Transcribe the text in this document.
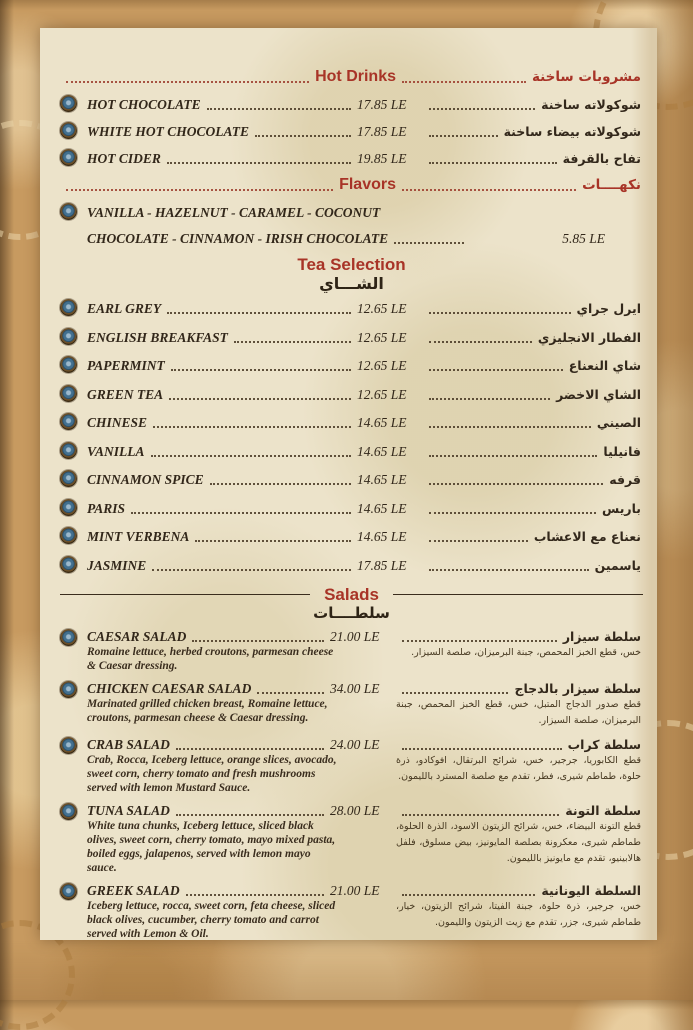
Hot Drinks	مشروبات ساخنة
HOT CHOCOLATE	17.85 LE	شوكولاته ساخنة
WHITE HOT CHOCOLATE	17.85 LE	شوكولاته بيضاء ساخنة
HOT CIDER	19.85 LE	تفاح بالقرفة
Flavors	نكهــــات
VANILLA - HAZELNUT - CARAMEL - COCONUT
CHOCOLATE - CINNAMON - IRISH CHOCOLATE	5.85 LE
Tea Selection
الشـــاي
EARL GREY	12.65 LE	ايرل جراي
ENGLISH BREAKFAST	12.65 LE	الفطار الانجليزي
PAPERMINT	12.65 LE	شاي النعناع
GREEN TEA	12.65 LE	الشاي الاخضر
CHINESE	14.65 LE	الصيني
VANILLA	14.65 LE	فانيليا
CINNAMON SPICE	14.65 LE	قرفه
PARIS	14.65 LE	باريس
MINT VERBENA	14.65 LE	نعناع مع الاعشاب
JASMINE	17.85 LE	ياسمين
Salads
سلطــــات
CAESAR SALAD	21.00 LE
Romaine lettuce, herbed croutons, parmesan cheese & Caesar dressing.
سلطة سيزار
خس، قطع الخبز المحمص، جبنة البرميزان، صلصة السيزار.
CHICKEN CAESAR SALAD	34.00 LE
Marinated grilled chicken breast, Romaine lettuce, croutons, parmesan cheese & Caesar dressing.
سلطة سيزار بالدجاج
قطع صدور الدجاج المتبل، خس، قطع الخبز المحمص، جبنة البرميزان، صلصة السيزار.
CRAB SALAD	24.00 LE
Crab, Rocca, Iceberg lettuce, orange slices, avocado, sweet corn, cherry tomato and fresh mushrooms served with lemon Mustard Sauce.
سلطة كراب
قطع الكابوريا، جرجير، خس، شرائح البرتقال، افوكادو، ذرة حلوة، طماطم شيرى، فطر، تقدم مع صلصة المسترد بالليمون.
TUNA SALAD	28.00 LE
White tuna chunks, Iceberg lettuce, sliced black olives, sweet corn, cherry tomato, mayo mixed pasta, boiled eggs, jalapenos, served with lemon mayo sauce.
سلطة التونة
قطع التونة البيضاء، خس، شرائح الزيتون الاسود، الذرة الحلوة، طماطم شيرى، معكرونة بصلصة المايونيز، بيض مسلوق، فلفل هالابينيو، تقدم مع مايونيز بالليمون.
GREEK SALAD	21.00 LE
Iceberg lettuce, rocca, sweet corn, feta cheese, sliced black olives, cucumber, cherry tomato and carrot served with Lemon & Oil.
السلطة اليونانية
خس، جرجير، ذرة حلوة، جبنة الفيتا، شرائح الزيتون، خيار، طماطم شيرى، جزر، تقدم مع زيت الزيتون والليمون.
